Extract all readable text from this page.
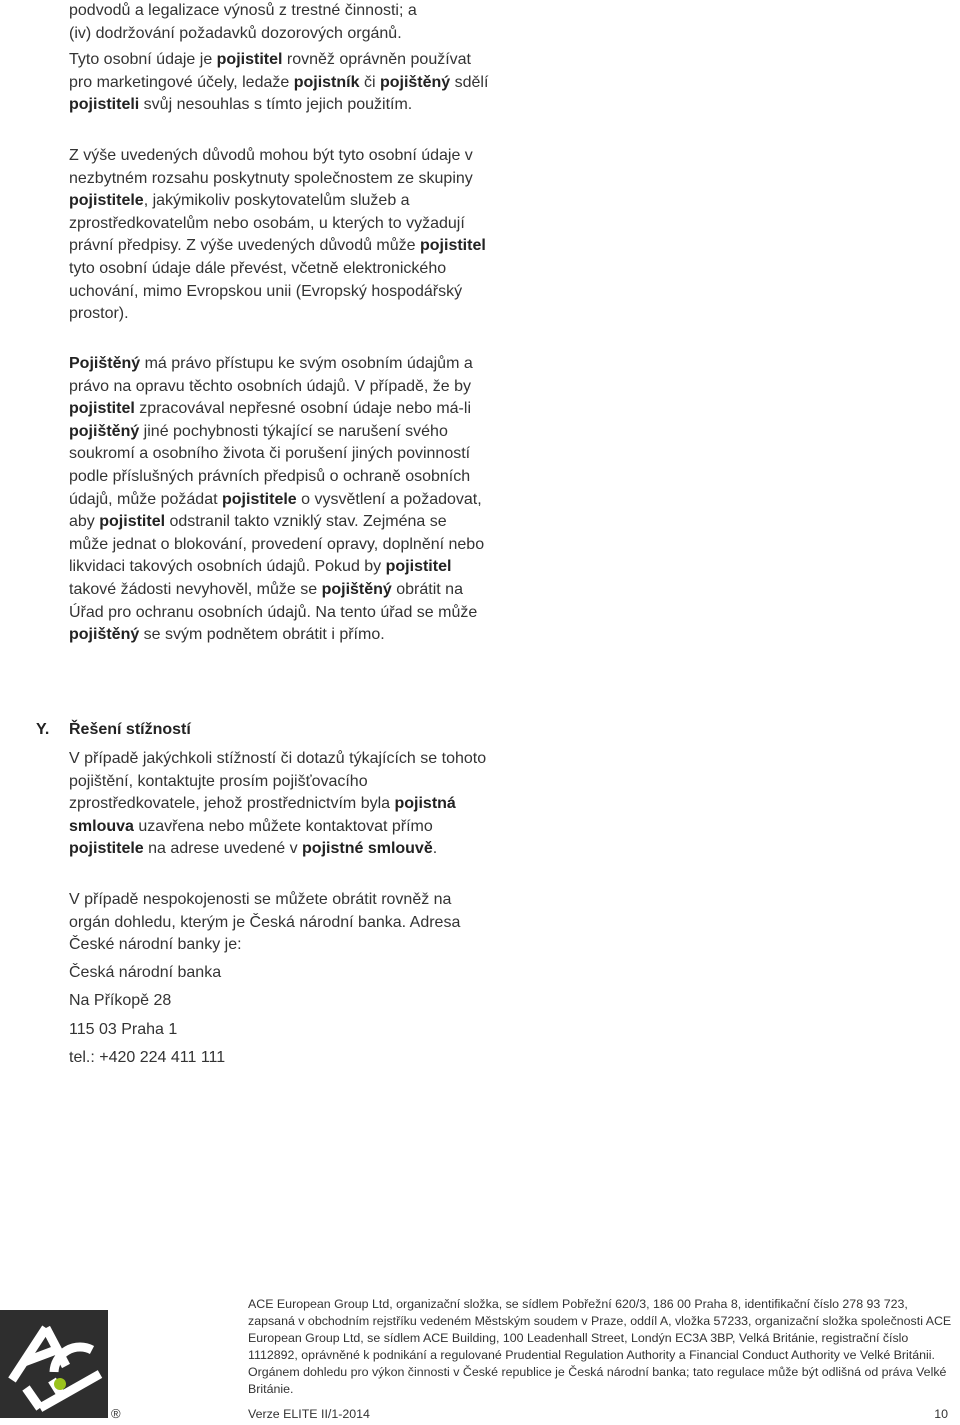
podvodů a legalizace výnosů z trestné činnosti; a

(iv) dodržování požadavků dozorových orgánů.

Tyto osobní údaje je pojistitel rovněž oprávněn používat pro marketingové účely, ledaže pojistník či pojištěný sdělí pojistiteli svůj nesouhlas s tímto jejich použitím.

Z výše uvedených důvodů mohou být tyto osobní údaje v nezbytném rozsahu poskytnuty společnostem ze skupiny pojistitele, jakýmikoliv poskytovatelům služeb a zprostředkovatelům nebo osobám, u kterých to vyžadují právní předpisy. Z výše uvedených důvodů může pojistitel tyto osobní údaje dále převést, včetně elektronického uchování, mimo Evropskou unii (Evropský hospodářský prostor).

Pojištěný má právo přístupu ke svým osobním údajům a právo na opravu těchto osobních údajů. V případě, že by pojistitel zpracovával nepřesné osobní údaje nebo má-li pojištěný jiné pochybnosti týkající se narušení svého soukromí a osobního života či porušení jiných povinností podle příslušných právních předpisů o ochraně osobních údajů, může požádat pojistitele o vysvětlení a požadovat, aby pojistitel odstranil takto vzniklý stav. Zejména se může jednat o blokování, provedení opravy, doplnění nebo likvidaci takových osobních údajů. Pokud by pojistitel takové žádosti nevyhověl, může se pojištěný obrátit na Úřad pro ochranu osobních údajů. Na tento úřad se může pojištěný se svým podnětem obrátit i přímo.

Y. Řešení stížností

V případě jakýchkoli stížností či dotazů týkajících se tohoto pojištění, kontaktujte prosím pojišťovacího zprostředkovatele, jehož prostřednictvím byla pojistná smlouva uzavřena nebo můžete kontaktovat přímo pojistitele na adrese uvedené v pojistné smlouvě.

V případě nespokojenosti se můžete obrátit rovněž na orgán dohledu, kterým je Česká národní banka. Adresa České národní banky je:

Česká národní banka

Na Příkopě 28

115 03 Praha 1

tel.: +420 224 411 111

ACE European Group Ltd, organizační složka, se sídlem Pobřežní 620/3, 186 00 Praha 8, identifikační číslo 278 93 723, zapsaná v obchodním rejstříku vedeném Městským soudem v Praze, oddíl A, vložka 57233, organizační složka společnosti ACE European Group Ltd, se sídlem ACE Building, 100 Leadenhall Street, Londýn EC3A 3BP, Velká Británie, registrační číslo 1112892, oprávněné k podnikání a regulované Prudential Regulation Authority a Financial Conduct Authority ve Velké Británii. Orgánem dohledu pro výkon činnosti v České republice je Česká národní banka; tato regulace může být odlišná od práva Velké Británie.
®	Verze ELITE II/1-2014	10
